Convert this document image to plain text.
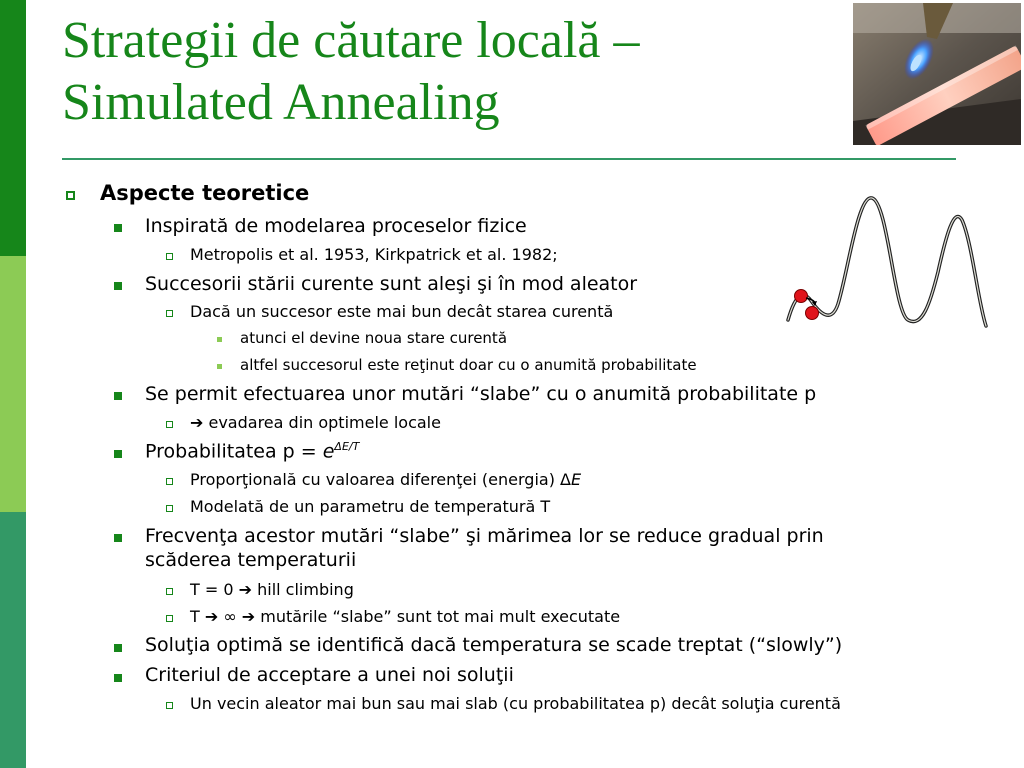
Strategii de căutare locală –
Simulated Annealing
Aspecte teoretice
Inspirată de modelarea proceselor fizice
Metropolis et al. 1953, Kirkpatrick et al. 1982;
Succesorii stării curente sunt aleşi şi în mod aleator
Dacă un succesor este mai bun decât starea curentă
atunci el devine noua stare curentă
altfel succesorul este reţinut doar cu o anumită probabilitate
Se permit efectuarea unor mutări “slabe” cu o anumită probabilitate p
➔ evadarea din optimele locale
Probabilitatea $p = e^{\Delta E/T}$
Proporţională cu valoarea diferenţei (energia) ΔE
Modelată de un parametru de temperatură T
Frecvenţa acestor mutări “slabe” şi mărimea lor se reduce gradual prin
scăderea temperaturii
T = 0 ➔ hill climbing
T ➔ ∞ ➔ mutările “slabe” sunt tot mai mult executate
Soluţia optimă se identifică dacă temperatura se scade treptat (“slowly”)
Criteriul de acceptare a unei noi soluţii
Un vecin aleator mai bun sau mai slab (cu probabilitatea p) decât soluţia curentă
